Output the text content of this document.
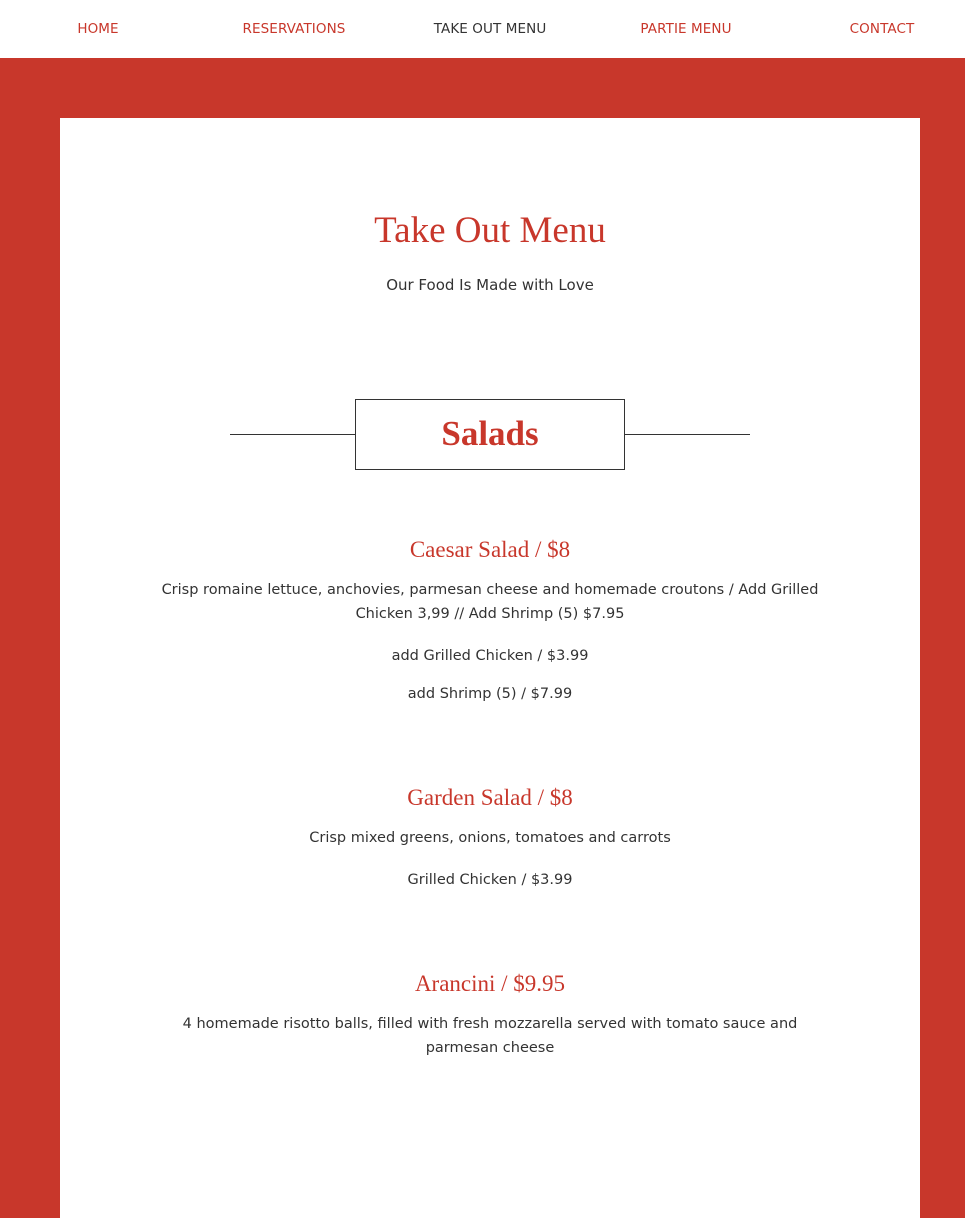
HOME	RESERVATIONS	TAKE OUT MENU	PARTIE MENU	CONTACT
Take Out Menu
Our Food Is Made with Love
Salads
Caesar Salad / $8
Crisp romaine lettuce, anchovies, parmesan cheese and homemade croutons / Add Grilled Chicken 3,99 // Add Shrimp (5) $7.95
add Grilled Chicken / $3.99
add Shrimp (5) / $7.99
Garden Salad / $8
Crisp mixed greens, onions, tomatoes and carrots
Grilled Chicken / $3.99
Arancini / $9.95
4 homemade risotto balls, filled with fresh mozzarella served with tomato sauce and parmesan cheese
